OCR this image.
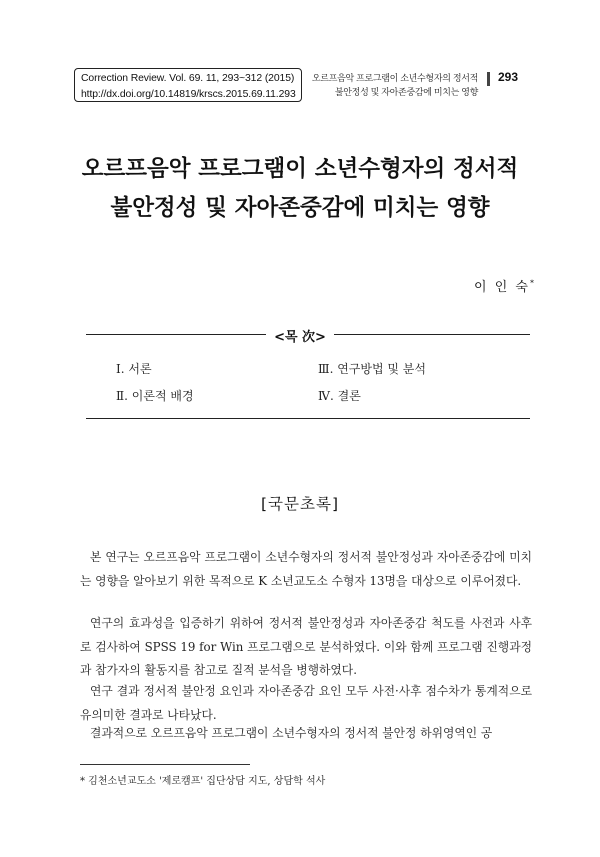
Correction Review. Vol. 69. 11, 293~312 (2015)
http://dx.doi.org/10.14819/krscs.2015.69.11.293
오르프음악 프로그램이 소년수형자의 정서적
불안정성 및 자아존중감에 미치는 영향
293
오르프음악 프로그램이 소년수형자의 정서적
불안정성 및 자아존중감에 미치는 영향
이 인 숙*
<목 次>
Ⅰ. 서론
Ⅱ. 이론적 배경
Ⅲ. 연구방법 및 분석
Ⅳ. 결론
[국문초록]
본 연구는 오르프음악 프로그램이 소년수형자의 정서적 불안정성과 자아존중감에 미치는 영향을 알아보기 위한 목적으로 K 소년교도소 수형자 13명을 대상으로 이루어졌다.
연구의 효과성을 입증하기 위하여 정서적 불안정성과 자아존중감 척도를 사전과 사후로 검사하여 SPSS 19 for Win 프로그램으로 분석하였다. 이와 함께 프로그램 진행과정과 참가자의 활동지를 참고로 질적 분석을 병행하였다.
연구 결과 정서적 불안정 요인과 자아존중감 요인 모두 사전·사후 점수차가 통계적으로 유의미한 결과로 나타났다.
결과적으로 오르프음악 프로그램이 소년수형자의 정서적 불안정 하위영역인 공
* 김천소년교도소 '제로캠프' 집단상담 지도, 상담학 석사
